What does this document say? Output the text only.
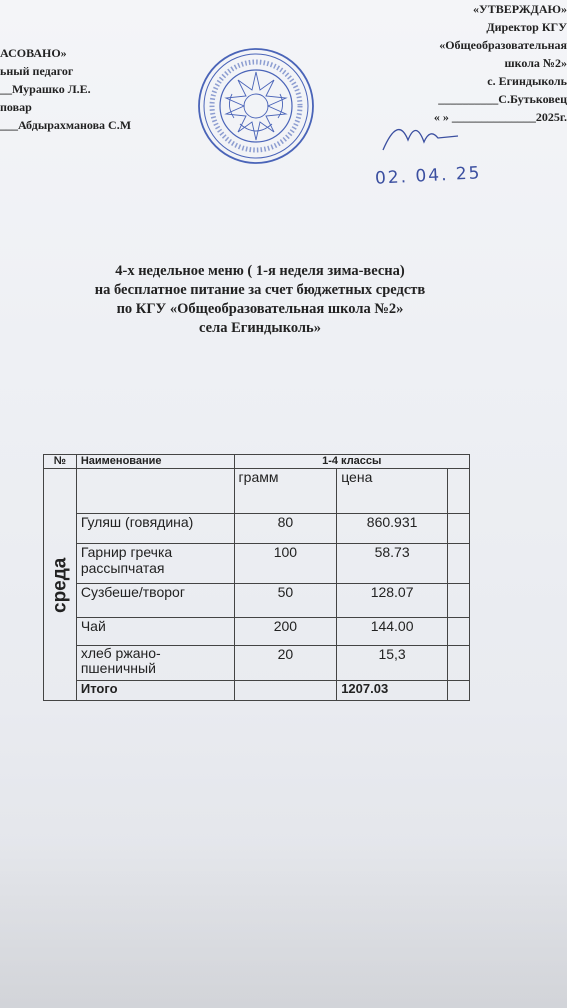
АСОВАНО»
ьный педагог
__Мурашко Л.Е.
повар
___Абдырахманова С.М
«УТВЕРЖДАЮ»
Директор КГУ
«Общеобразовательная
школа №2»
с. Егиндыколь
__________С.Бутьковец
« » ______________2025г.
02. 04. 25
4-х недельное меню ( 1-я неделя зима-весна)
на бесплатное питание за счет бюджетных средств
по КГУ «Общеобразовательная школа №2»
села Егиндыколь»
№	Наименование	1-4 классы		
среда		грамм	цена	
	Гуляш (говядина)	80	860.931	
	Гарнир гречка рассыпчатая	100	58.73	
	Сузбеше/творог	50	128.07	
	Чай	200	144.00	
	хлеб ржано-пшеничный	20	15,3	
	Итого		1207.03	
